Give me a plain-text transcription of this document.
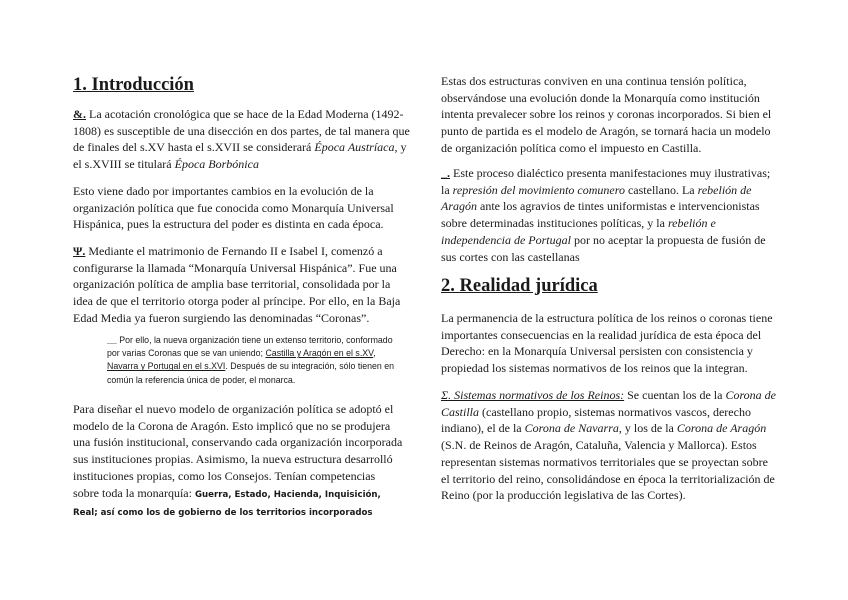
1. Introducción

&. La acotación cronológica que se hace de la Edad Moderna (1492-1808) es susceptible de una disección en dos partes, de tal manera que de finales del s.XV hasta el s.XVII se considerará Época Austríaca, y el s.XVIII se titulará Época Borbónica

Esto viene dado por importantes cambios en la evolución de la organización política que fue conocida como Monarquía Universal Hispánica, pues la estructura del poder es distinta en cada época.

Ψ. Mediante el matrimonio de Fernando II e Isabel I, comenzó a configurarse la llamada “Monarquía Universal Hispánica”. Fue una organización política de amplia base territorial, consolidada por la idea de que el territorio otorga poder al príncipe. Por ello, en la Baja Edad Media ya fueron surgiendo las denominadas “Coronas”.

__ Por ello, la nueva organización tiene un extenso territorio, conformado por varias Coronas que se van uniendo; Castilla y Aragón en el s.XV, Navarra y Portugal en el s.XVI. Después de su integración, sólo tienen en común la referencia única de poder, el monarca.

Para diseñar el nuevo modelo de organización política se adoptó el modelo de la Corona de Aragón. Esto implicó que no se produjera una fusión institucional, conservando cada organización incorporada sus instituciones propias. Asimismo, la nueva estructura desarrolló instituciones propias, como los Consejos. Tenían competencias sobre toda la monarquía: Guerra, Estado, Hacienda, Inquisición, Real; así como los de gobierno de los territorios incorporados

Estas dos estructuras conviven en una continua tensión política, observándose una evolución donde la Monarquía como institución intenta prevalecer sobre los reinos y coronas incorporados. Si bien el punto de partida es el modelo de Aragón, se tornará hacia un modelo de organización política como el impuesto en Castilla.

_. Este proceso dialéctico presenta manifestaciones muy ilustrativas; la represión del movimiento comunero castellano. La rebelión de Aragón ante los agravios de tintes uniformistas e intervencionistas sobre determinadas instituciones políticas, y la rebelión e independencia de Portugal por no aceptar la propuesta de fusión de sus cortes con las castellanas

2. Realidad jurídica

La permanencia de la estructura política de los reinos o coronas tiene importantes consecuencias en la realidad jurídica de esta época del Derecho: en la Monarquía Universal persisten con consistencia y propiedad los sistemas normativos de los reinos que la integran.

Σ. Sistemas normativos de los Reinos: Se cuentan los de la Corona de Castilla (castellano propio, sistemas normativos vascos, derecho indiano), el de la Corona de Navarra, y los de la Corona de Aragón (S.N. de Reinos de Aragón, Cataluña, Valencia y Mallorca). Estos representan sistemas normativos territoriales que se proyectan sobre el territorio del reino, consolidándose en época la territorialización de Reino (por la producción legislativa de las Cortes).
